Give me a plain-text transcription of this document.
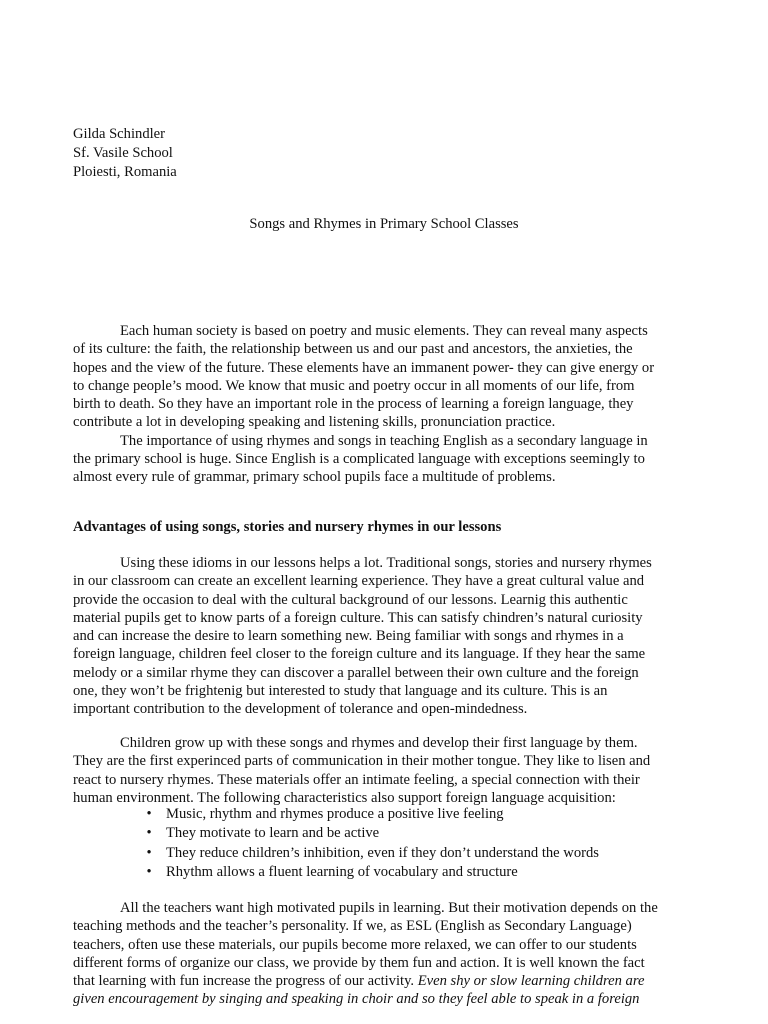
Gilda Schindler
Sf. Vasile School
Ploiesti, Romania
Songs and Rhymes in Primary School Classes
Each human society is based on poetry and music elements. They can reveal many aspects
of its culture: the faith, the relationship between us and our past and ancestors, the anxieties, the
hopes and the view of the future. These elements have an immanent power- they can give energy or
to change people’s mood. We know that music and poetry occur in all moments of our life, from
birth to death. So they have an important role in the process of learning a foreign language, they
contribute a lot in developing speaking and listening skills, pronunciation practice.
The importance of using rhymes and songs in teaching English as a secondary language in
the primary school is huge. Since English is a complicated language with exceptions seemingly to
almost every rule of grammar, primary school pupils face a multitude of problems.
Advantages of using songs, stories and nursery rhymes in our lessons
Using these idioms in our lessons helps a lot. Traditional songs, stories and nursery rhymes
in our classroom can create an excellent learning experience. They have a great cultural value and
provide the occasion to deal with the cultural background of our lessons. Learnig this authentic
material pupils get to know parts of a foreign culture. This can satisfy chindren’s natural curiosity
and can increase the desire to learn something new. Being familiar with songs and rhymes in a
foreign language, children feel closer to the foreign culture and its language. If they hear the same
melody or a similar rhyme they can discover a parallel between their own culture and the foreign
one, they won’t be frightenig but interested to study that language and its culture. This is an
important contribution to the development of tolerance and open-mindedness.
Children grow up with these songs and rhymes and develop their first language by them.
They are the first experinced parts of communication in their mother tongue. They like to lisen and
react to nursery rhymes. These materials offer an intimate feeling, a special connection with their
human environment. The following characteristics also support foreign language acquisition:
• Music, rhythm and rhymes produce a positive live feeling
• They motivate to learn and be active
• They reduce children’s inhibition, even if they don’t understand the words
• Rhythm allows a fluent learning of vocabulary and structure
All the teachers want high motivated pupils in learning. But their motivation depends on the
teaching methods and the teacher’s personality. If we, as ESL (English as Secondary Language)
teachers, often use these materials, our pupils become more relaxed, we can offer to our students
different forms of organize our class, we provide by them fun and action. It is well known the fact
that learning with fun increase the progress of our activity. Even shy or slow learning children are
given encouragement by singing and speaking in choir and so they feel able to speak in a foreign
